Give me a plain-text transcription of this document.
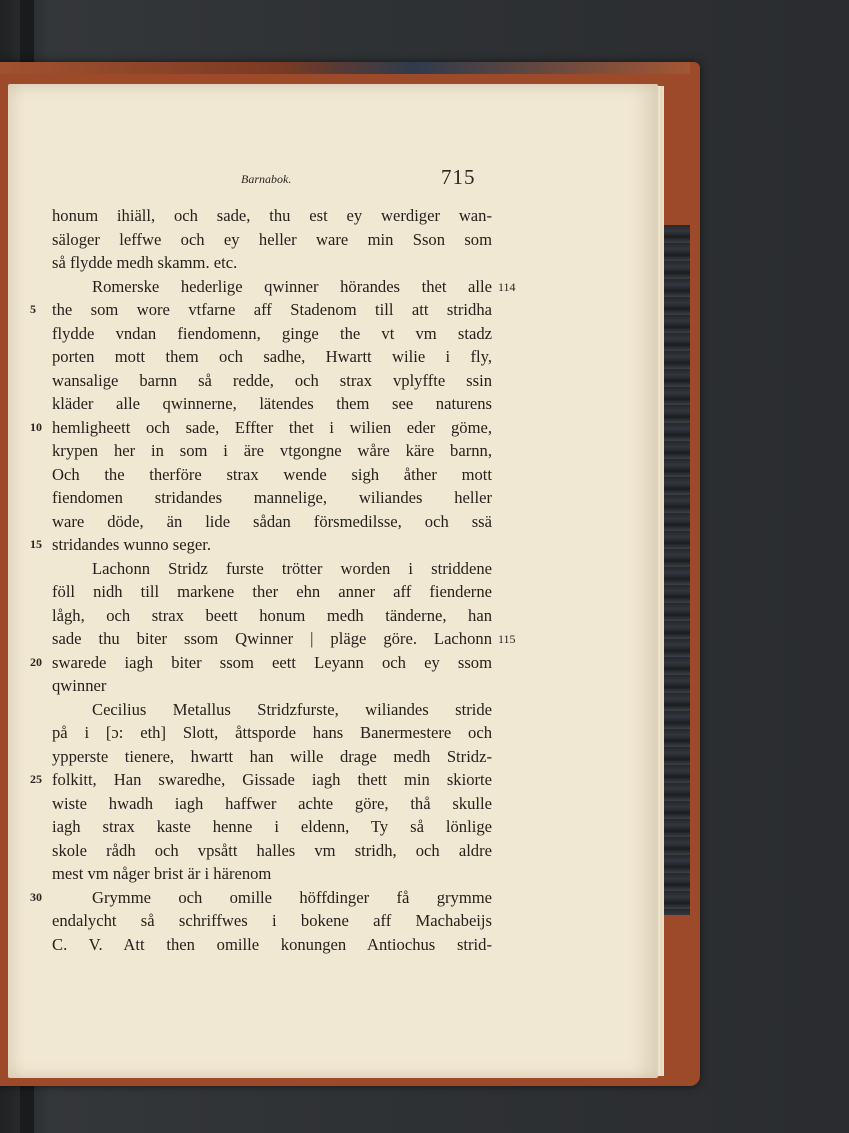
Barnabok.	715
honum ihiäll, och sade, thu est ey werdiger wan-
säloger leffwe och ey heller ware min Sson som
så flydde medh skamm. etc.
Romerske hederlige qwinner hörandes thet alle 114
5 the som wore vtfarne aff Stadenom till att stridha
flydde vndan fiendomenn, ginge the vt vm stadz
porten mott them och sadhe, Hwartt wilie i fly,
wansalige barnn så redde, och strax vplyffte ssin
kläder alle qwinnerne, lätendes them see naturens
10 hemligheett och sade, Effter thet i wilien eder göme,
krypen her in som i äre vtgongne wåre käre barnn,
Och the therföre strax wende sigh åther mott
fiendomen stridandes mannelige, wiliandes heller
ware döde, än lide sådan försmedilsse, och ssä
15 stridandes wunno seger.
Lachonn Stridz furste trötter worden i striddene
föll nidh till markene ther ehn anner aff fienderne
lågh, och strax beett honum medh tänderne, han
sade thu biter ssom Qwinner | pläge göre. Lachonn 115
20 swarede iagh biter ssom eett Leyann och ey ssom
qwinner
Cecilius Metallus Stridzfurste, wiliandes stride
på i [ɔ: eth] Slott, åttsporde hans Banermestere och
ypperste tienere, hwartt han wille drage medh Stridz-
25 folkitt, Han swaredhe, Gissade iagh thett min skiorte
wiste hwadh iagh haffwer achte göre, thå skulle
iagh strax kaste henne i eldenn, Ty så lönlige
skole rådh och vpsått halles vm stridh, och aldre
mest vm någer brist är i härenom
30	Grymme och omille höffdinger få grymme
endalycht så schriffwes i bokene aff Machabeijs
C. V. Att then omille konungen Antiochus strid-
